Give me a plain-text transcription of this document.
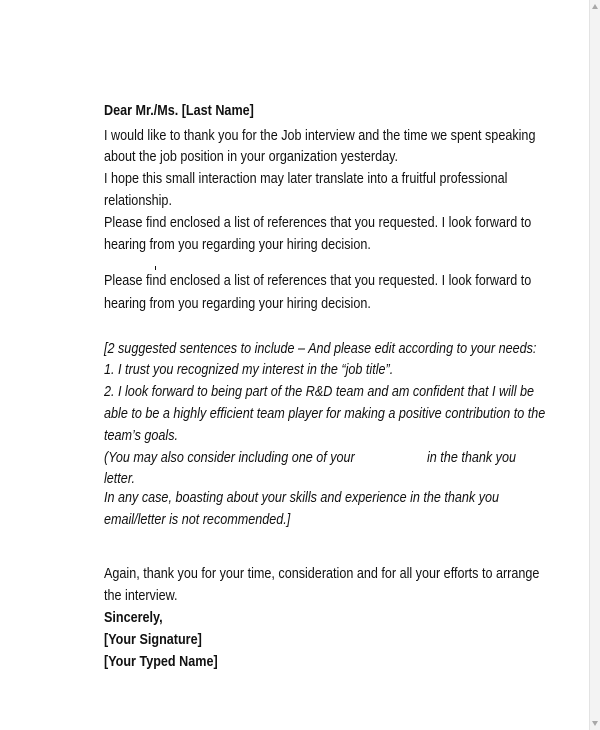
Dear Mr./Ms. [Last Name]
I would like to thank you for the Job interview and the time we spent speaking
about the job position in your organization yesterday.
I hope this small interaction may later translate into a fruitful professional
relationship.
Please find enclosed a list of references that you requested. I look forward to
hearing from you regarding your hiring decision.
Please find enclosed a list of references that you requested. I look forward to
hearing from you regarding your hiring decision.
[2 suggested sentences to include – And please edit according to your needs:
1. I trust you recognized my interest in the “job title”.
2. I look forward to being part of the R&D team and am confident that I will be
able to be a highly efficient team player for making a positive contribution to the
team’s goals.
(You may also consider including one of your	in the thank you
letter.
In any case, boasting about your skills and experience in the thank you
email/letter is not recommended.]
Again, thank you for your time, consideration and for all your efforts to arrange
the interview.
Sincerely,
[Your Signature]
[Your Typed Name]
